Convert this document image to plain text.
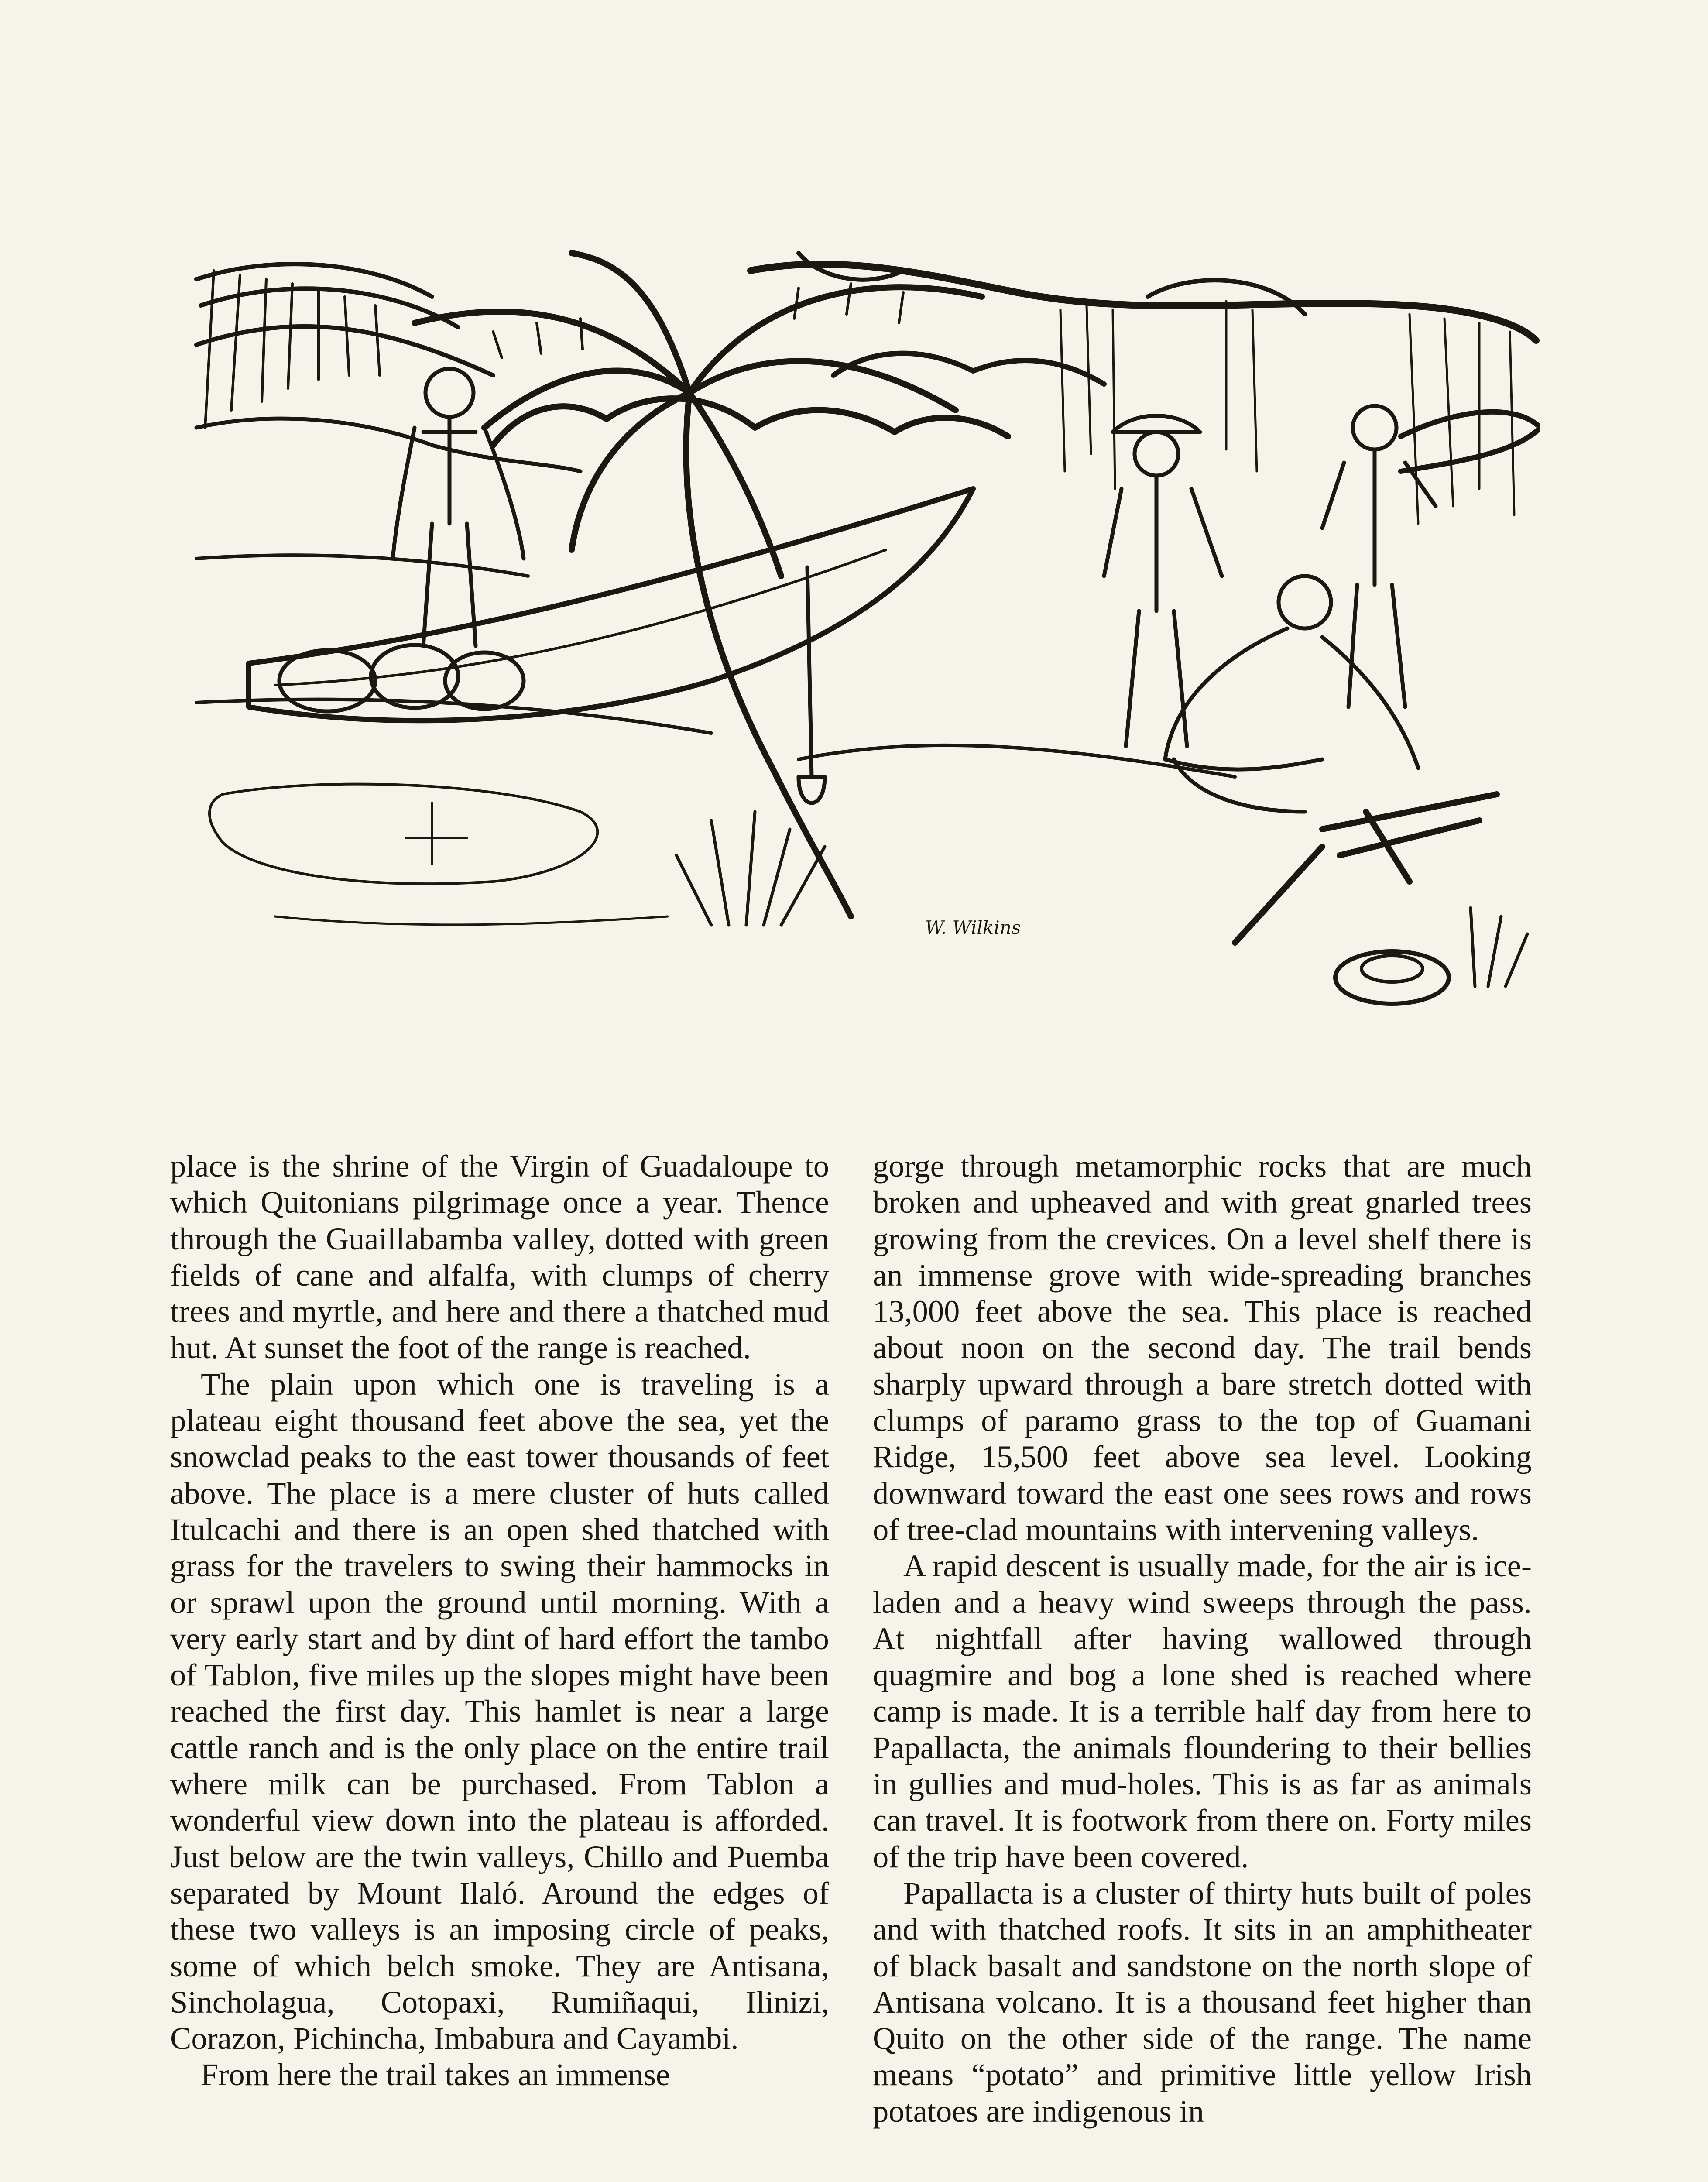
W. Wilkins

place is the shrine of the Virgin of Guadaloupe to which Quitonians pilgrimage once a year. Thence through the Guaillabamba valley, dotted with green fields of cane and alfalfa, with clumps of cherry trees and myrtle, and here and there a thatched mud hut. At sunset the foot of the range is reached.

The plain upon which one is traveling is a plateau eight thousand feet above the sea, yet the snowclad peaks to the east tower thousands of feet above. The place is a mere cluster of huts called Itulcachi and there is an open shed thatched with grass for the travelers to swing their hammocks in or sprawl upon the ground until morning. With a very early start and by dint of hard effort the tambo of Tablon, five miles up the slopes might have been reached the first day. This hamlet is near a large cattle ranch and is the only place on the entire trail where milk can be purchased. From Tablon a wonderful view down into the plateau is afforded. Just below are the twin valleys, Chillo and Puemba separated by Mount Ilaló. Around the edges of these two valleys is an imposing circle of peaks, some of which belch smoke. They are Antisana, Sincholagua, Cotopaxi, Rumiñaqui, Ilinizi, Corazon, Pichincha, Imbabura and Cayambi.

From here the trail takes an immense

gorge through metamorphic rocks that are much broken and upheaved and with great gnarled trees growing from the crevices. On a level shelf there is an immense grove with wide-spreading branches 13,000 feet above the sea. This place is reached about noon on the second day. The trail bends sharply upward through a bare stretch dotted with clumps of paramo grass to the top of Guamani Ridge, 15,500 feet above sea level. Looking downward toward the east one sees rows and rows of tree-clad mountains with intervening valleys.

A rapid descent is usually made, for the air is ice-laden and a heavy wind sweeps through the pass. At nightfall after having wallowed through quagmire and bog a lone shed is reached where camp is made. It is a terrible half day from here to Papallacta, the animals floundering to their bellies in gullies and mud-holes. This is as far as animals can travel. It is footwork from there on. Forty miles of the trip have been covered.

Papallacta is a cluster of thirty huts built of poles and with thatched roofs. It sits in an amphitheater of black basalt and sandstone on the north slope of Antisana volcano. It is a thousand feet higher than Quito on the other side of the range. The name means “potato” and primitive little yellow Irish potatoes are indigenous in
